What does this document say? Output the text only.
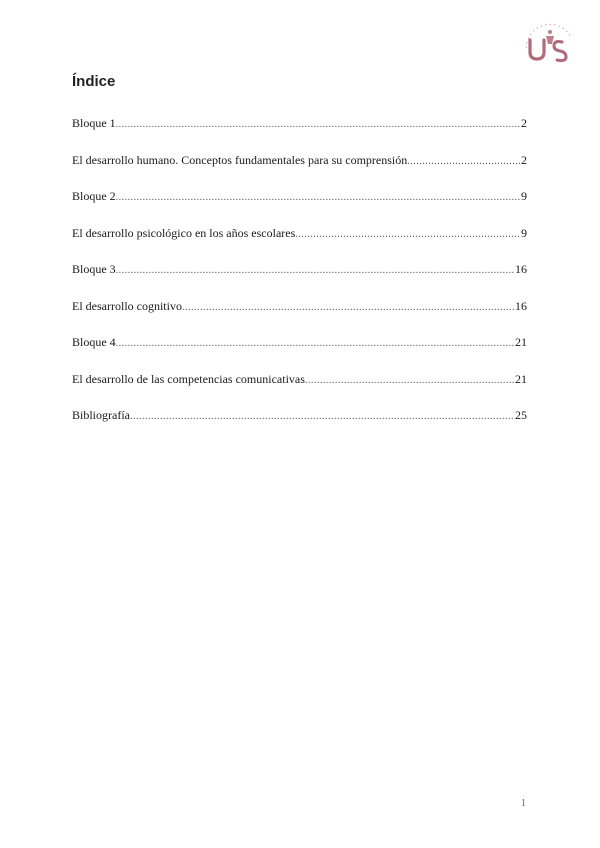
• • • • • • • • • • • • • •
Índice
Bloque 1 .....	2
El desarrollo humano. Conceptos fundamentales para su comprensión .....	2
Bloque 2 .....	9
El desarrollo psicológico en los años escolares .....	9
Bloque 3 .....	16
El desarrollo cognitivo .....	16
Bloque 4 .....	21
El desarrollo de las competencias comunicativas .....	21
Bibliografía .....	25
1
